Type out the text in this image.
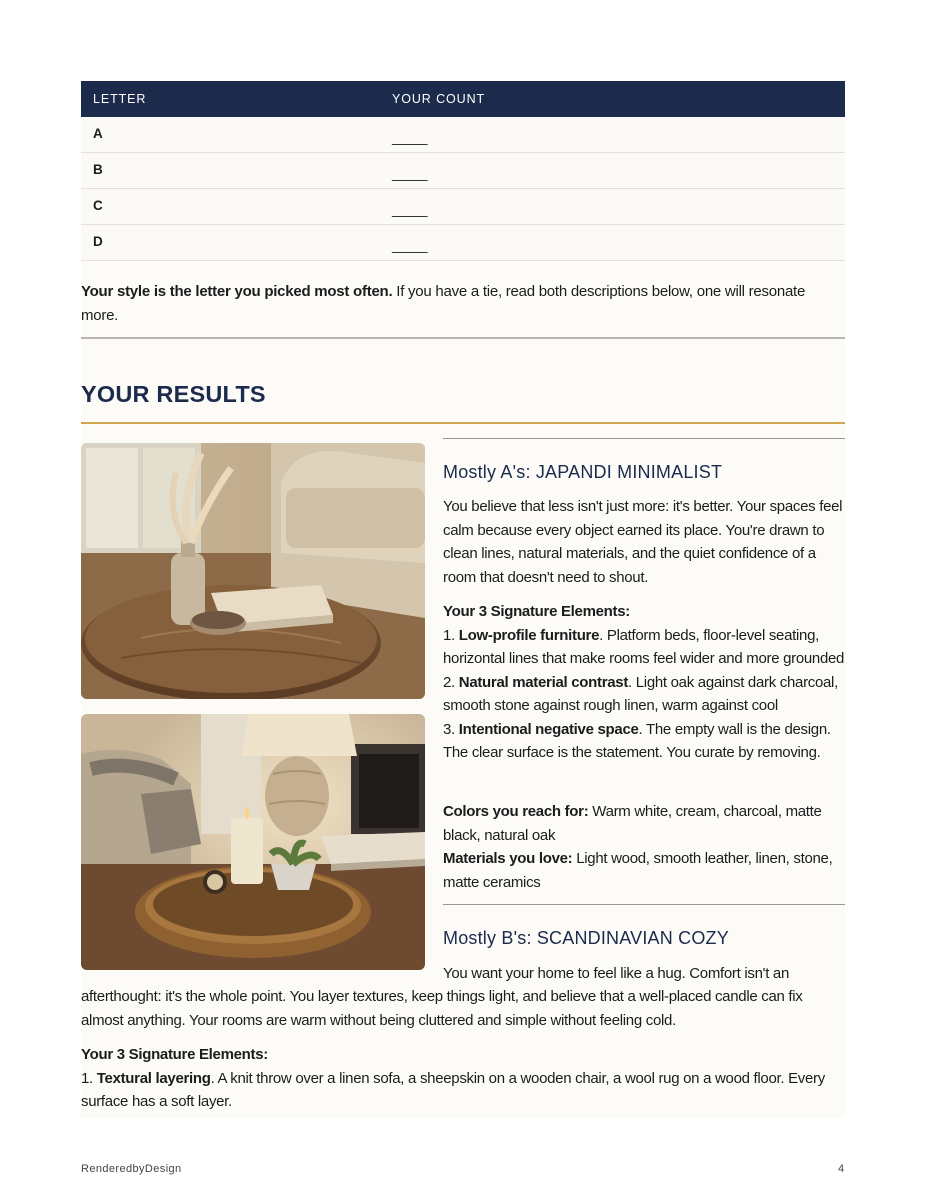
LETTER	YOUR COUNT
A	_____
B	_____
C	_____
D	_____
Your style is the letter you picked most often. If you have a tie, read both descriptions below, one will resonate more.
YOUR RESULTS
Mostly A's: JAPANDI MINIMALIST
You believe that less isn't just more: it's better. Your spaces feel calm because every object earned its place. You're drawn to clean lines, natural materials, and the quiet confidence of a room that doesn't need to shout.
Your 3 Signature Elements:
1. Low-profile furniture. Platform beds, floor-level seating, horizontal lines that make rooms feel wider and more grounded
2. Natural material contrast. Light oak against dark charcoal, smooth stone against rough linen, warm against cool
3. Intentional negative space. The empty wall is the design. The clear surface is the statement. You curate by removing.
Colors you reach for: Warm white, cream, charcoal, matte black, natural oak
Materials you love: Light wood, smooth leather, linen, stone, matte ceramics
Mostly B's: SCANDINAVIAN COZY
You want your home to feel like a hug. Comfort isn't an
afterthought: it's the whole point. You layer textures, keep things light, and believe that a well-placed candle can fix almost anything. Your rooms are warm without being cluttered and simple without feeling cold.
Your 3 Signature Elements:
1. Textural layering. A knit throw over a linen sofa, a sheepskin on a wooden chair, a wool rug on a wood floor. Every surface has a soft layer.
RenderedbyDesign	4
